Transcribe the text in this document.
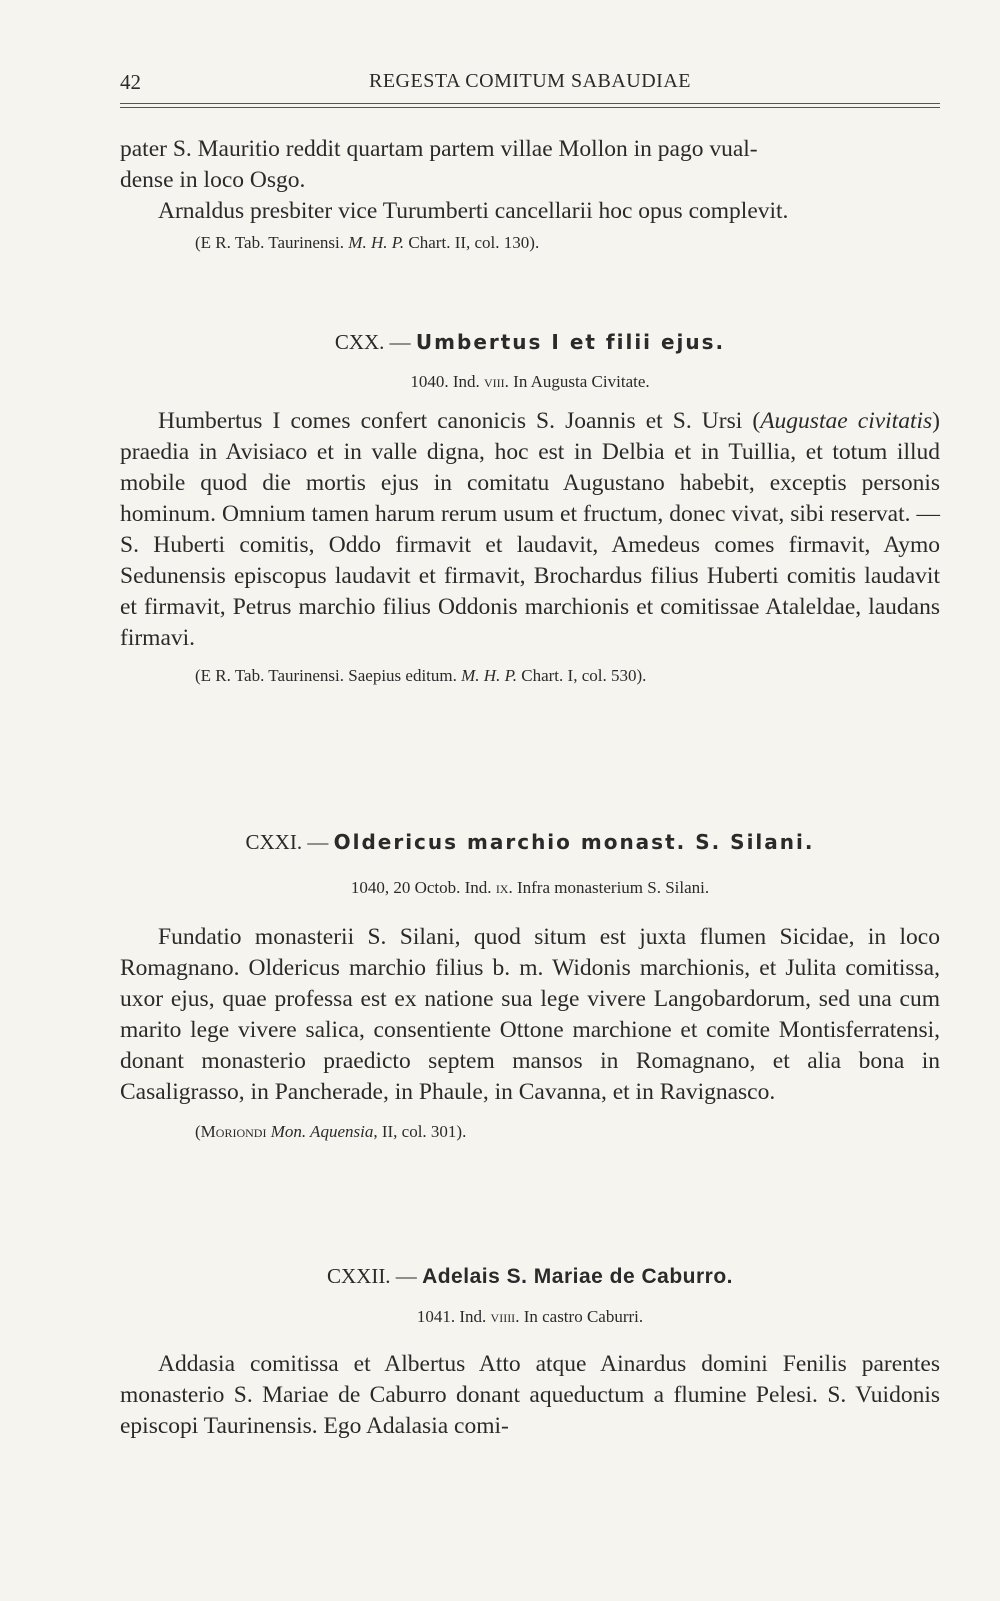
42	REGESTA COMITUM SABAUDIAE

pater S. Mauritio reddit quartam partem villae Mollon in pago vual-
dense in loco Osgo.

Arnaldus presbiter vice Turumberti cancellarii hoc opus complevit.

(E R. Tab. Taurinensi. M. H. P. Chart. II, col. 130).

CXX. — Umbertus I et filii ejus.

1040. Ind. viii. In Augusta Civitate.

Humbertus I comes confert canonicis S. Joannis et S. Ursi (Augustae civitatis) praedia in Avisiaco et in valle digna, hoc est in Delbia et in Tuillia, et totum illud mobile quod die mortis ejus in comitatu Augustano habebit, exceptis personis hominum. Omnium tamen harum rerum usum et fructum, donec vivat, sibi reservat. — S. Huberti comitis, Oddo firmavit et laudavit, Amedeus comes firmavit, Aymo Sedunensis episcopus laudavit et firmavit, Brochardus filius Huberti comitis laudavit et firmavit, Petrus marchio filius Oddonis marchionis et comitissae Ataleldae, laudans firmavi.

(E R. Tab. Taurinensi. Saepius editum. M. H. P. Chart. I, col. 530).

CXXI. — Oldericus marchio monast. S. Silani.

1040, 20 Octob. Ind. ix. Infra monasterium S. Silani.

Fundatio monasterii S. Silani, quod situm est juxta flumen Sicidae, in loco Romagnano. Oldericus marchio filius b. m. Widonis marchionis, et Julita comitissa, uxor ejus, quae professa est ex natione sua lege vivere Langobardorum, sed una cum marito lege vivere salica, consentiente Ottone marchione et comite Montisferratensi, donant monasterio praedicto septem mansos in Romagnano, et alia bona in Casaligrasso, in Pancherade, in Phaule, in Cavanna, et in Ravignasco.

(Moriondi Mon. Aquensia, II, col. 301).

CXXII. — Adelais S. Mariae de Caburro.

1041. Ind. viiii. In castro Caburri.

Addasia comitissa et Albertus Atto atque Ainardus domini Fenilis parentes monasterio S. Mariae de Caburro donant aqueductum a flumine Pelesi. S. Vuidonis episcopi Taurinensis. Ego Adalasia comi-
